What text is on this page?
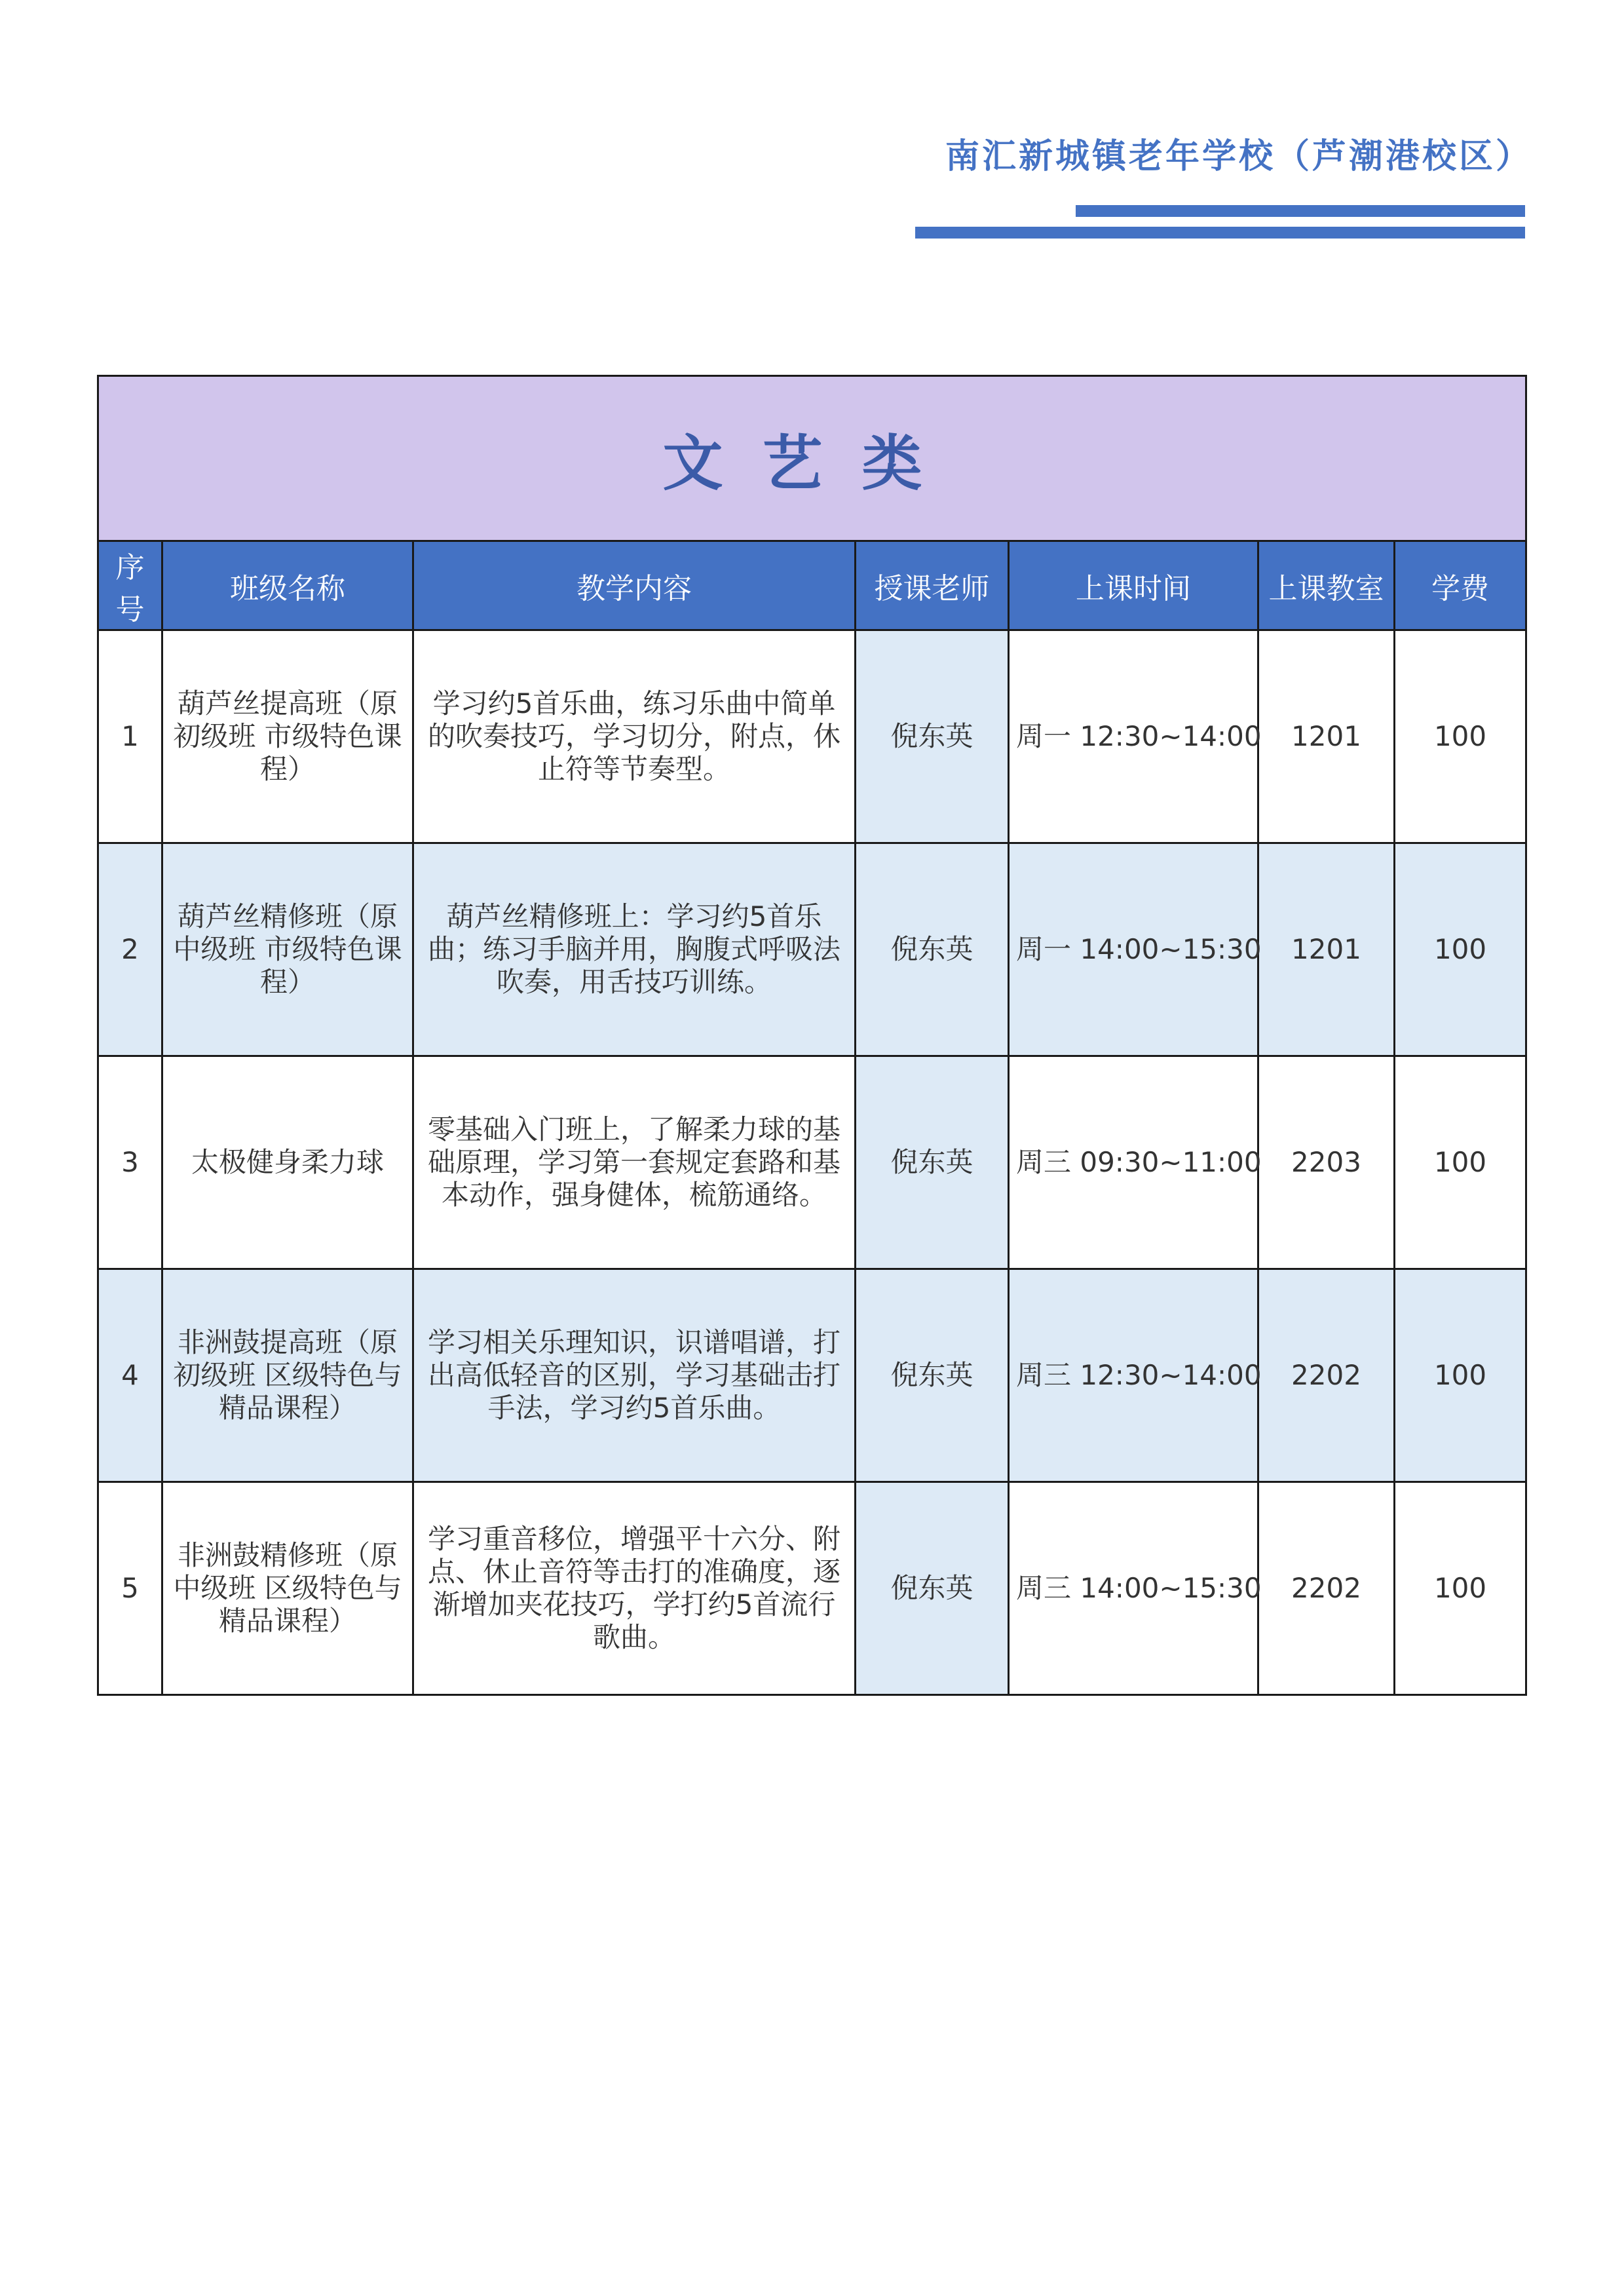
南汇新城镇老年学校（芦潮港校区）
文艺类						
序号	班级名称	教学内容	授课老师	上课时间	上课教室	学费
1	葫芦丝提高班（原初级班 市级特色课程）	学习约5首乐曲，练习乐曲中简单的吹奏技巧，学习切分，附点，休止符等节奏型。	倪东英	周一 12:30~14:00	1201	100
2	葫芦丝精修班（原中级班 市级特色课程）	葫芦丝精修班上：学习约5首乐曲；练习手脑并用，胸腹式呼吸法吹奏，用舌技巧训练。	倪东英	周一 14:00~15:30	1201	100
3	太极健身柔力球	零基础入门班上，了解柔力球的基础原理，学习第一套规定套路和基本动作，强身健体，梳筋通络。	倪东英	周三 09:30~11:00	2203	100
4	非洲鼓提高班（原初级班 区级特色与精品课程）	学习相关乐理知识，识谱唱谱，打出高低轻音的区别，学习基础击打手法，学习约5首乐曲。	倪东英	周三 12:30~14:00	2202	100
5	非洲鼓精修班（原中级班 区级特色与精品课程）	学习重音移位，增强平十六分、附点、休止音符等击打的准确度，逐渐增加夹花技巧，学打约5首流行歌曲。	倪东英	周三 14:00~15:30	2202	100
